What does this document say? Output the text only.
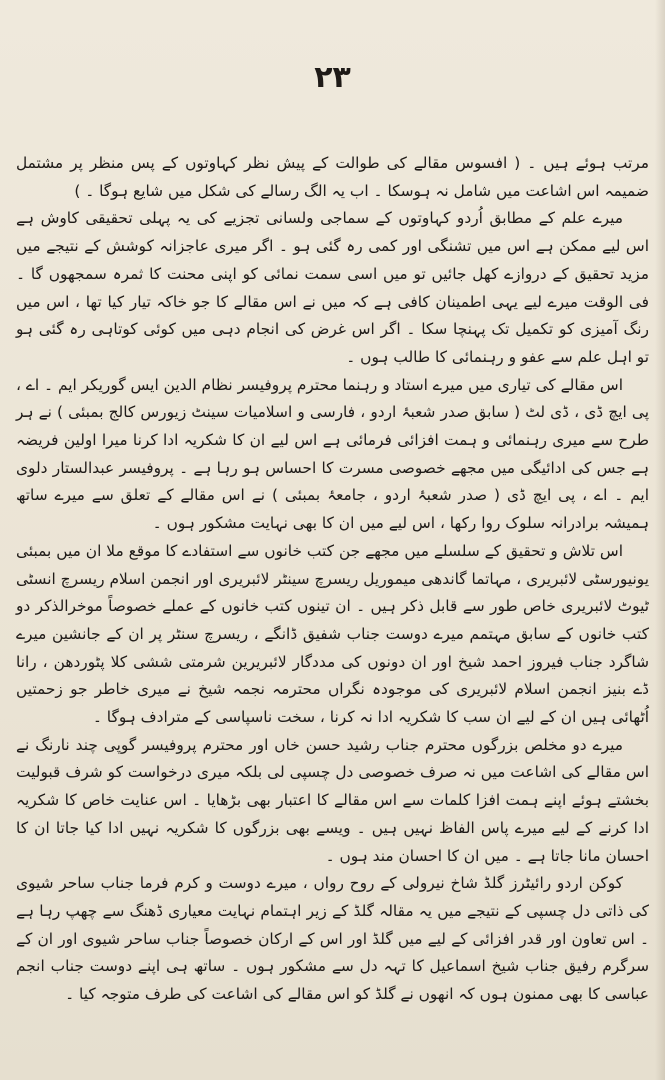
۲۳

مرتب ہوئے ہیں ۔ ( افسوس مقالے کی طوالت کے پیش نظر کہاوتوں کے پس منظر پر مشتمل ضمیمہ اس اشاعت میں شامل نہ ہوسکا ۔ اب یہ الگ رسالے کی شکل میں شایع ہوگا ۔ )

میرے علم کے مطابق اُردو کہاوتوں کے سماجی ولسانی تجزیے کی یہ پہلی تحقیقی کاوش ہے اس لیے ممکن ہے اس میں تشنگی اور کمی رہ گئی ہو ۔ اگر میری عاجزانہ کوشش کے نتیجے میں مزید تحقیق کے دروازے کھل جائیں تو میں اسی سمت نمائی کو اپنی محنت کا ثمرہ سمجھوں گا ۔ فی الوقت میرے لیے یہی اطمینان کافی ہے کہ میں نے اس مقالے کا جو خاکہ تیار کیا تھا ، اس میں رنگ آمیزی کو تکمیل تک پہنچا سکا ۔ اگر اس غرض کی انجام دہی میں کوئی کوتاہی رہ گئی ہو تو اہل علم سے عفو و رہنمائی کا طالب ہوں ۔

اس مقالے کی تیاری میں میرے استاد و رہنما محترم پروفیسر نظام الدین ایس گوریکر ایم ۔ اے ، پی ایچ ڈی ، ڈی لٹ ( سابق صدر شعبۂ اردو ، فارسی و اسلامیات سینٹ زیورس کالج بمبئی ) نے ہر طرح سے میری رہنمائی و ہمت افزائی فرمائی ہے اس لیے ان کا شکریہ ادا کرنا میرا اولین فریضہ ہے جس کی ادائیگی میں مجھے خصوصی مسرت کا احساس ہو رہا ہے ۔ پروفیسر عبدالستار دلوی ایم ۔ اے ، پی ایچ ڈی ( صدر شعبۂ اردو ، جامعۂ بمبئی ) نے اس مقالے کے تعلق سے میرے ساتھ ہمیشہ برادرانہ سلوک روا رکھا ، اس لیے میں ان کا بھی نہایت مشکور ہوں ۔

اس تلاش و تحقیق کے سلسلے میں مجھے جن کتب خانوں سے استفادے کا موقع ملا ان میں بمبئی یونیورسٹی لائبریری ، مہاتما گاندھی میموریل ریسرچ سینٹر لائبریری اور انجمن اسلام ریسرچ انسٹی ٹیوٹ لائبریری خاص طور سے قابل ذکر ہیں ۔ ان تینوں کتب خانوں کے عملے خصوصاً موخرالذکر دو کتب خانوں کے سابق مہتمم میرے دوست جناب شفیق ڈانگے ، ریسرچ سنٹر پر ان کے جانشین میرے شاگرد جناب فیروز احمد شیخ اور ان دونوں کی مددگار لائبریرین شرمتی ششی کلا پٹوردھن ، رانا ڈے بنیز انجمن اسلام لائبریری کی موجودہ نگراں محترمہ نجمہ شیخ نے میری خاطر جو زحمتیں اُٹھائی ہیں ان کے لیے ان سب کا شکریہ ادا نہ کرنا ، سخت ناسپاسی کے مترادف ہوگا ۔

میرے دو مخلص بزرگوں محترم جناب رشید حسن خاں اور محترم پروفیسر گوپی چند نارنگ نے اس مقالے کی اشاعت میں نہ صرف خصوصی دل چسپی لی بلکہ میری درخواست کو شرف قبولیت بخشتے ہوئے اپنے ہمت افزا کلمات سے اس مقالے کا اعتبار بھی بڑھایا ۔ اس عنایت خاص کا شکریہ ادا کرنے کے لیے میرے پاس الفاظ نہیں ہیں ۔ ویسے بھی بزرگوں کا شکریہ نہیں ادا کیا جاتا ان کا احسان مانا جاتا ہے ۔ میں ان کا احسان مند ہوں ۔

کوکن اردو رائیٹرز گلڈ شاخ نیرولی کے روح رواں ، میرے دوست و کرم فرما جناب ساحر شیوی کی ذاتی دل چسپی کے نتیجے میں یہ مقالہ گلڈ کے زیر اہتمام نہایت معیاری ڈھنگ سے چھپ رہا ہے ۔ اس تعاون اور قدر افزائی کے لیے میں گلڈ اور اس کے ارکان خصوصاً جناب ساحر شیوی اور ان کے سرگرم رفیق جناب شیخ اسماعیل کا تہہ دل سے مشکور ہوں ۔ ساتھ ہی اپنے دوست جناب انجم عباسی کا بھی ممنون ہوں کہ انھوں نے گلڈ کو اس مقالے کی اشاعت کی طرف متوجہ کیا ۔
